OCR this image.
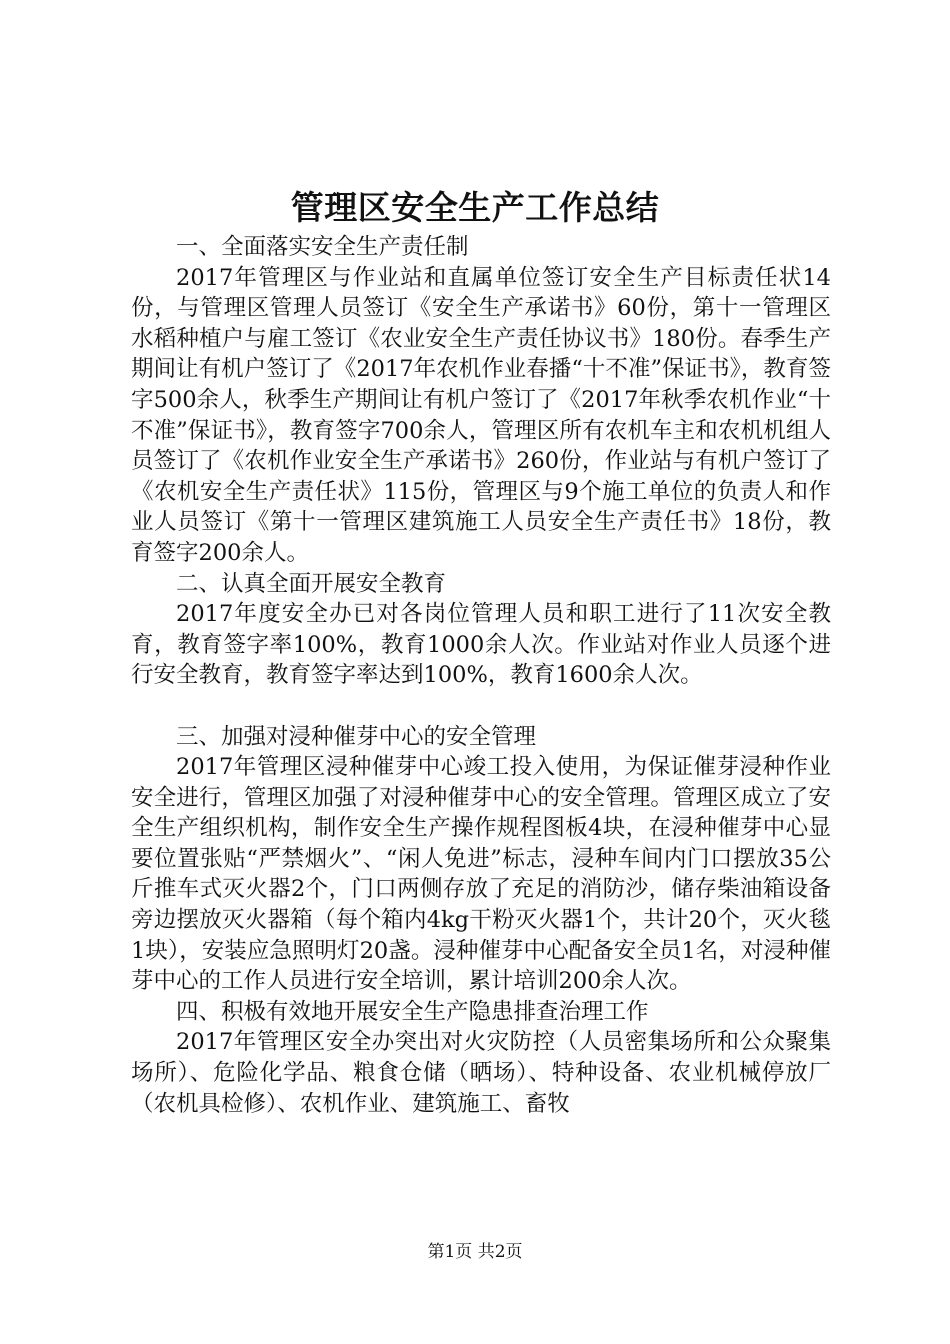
管理区安全生产工作总结

一、全面落实安全生产责任制

2017年管理区与作业站和直属单位签订安全生产目标责任状14份，与管理区管理人员签订《安全生产承诺书》60份，第十一管理区水稻种植户与雇工签订《农业安全生产责任协议书》180份。春季生产期间让有机户签订了《2017年农机作业春播“十不准”保证书》，教育签字500余人，秋季生产期间让有机户签订了《2017年秋季农机作业“十不准”保证书》，教育签字700余人，管理区所有农机车主和农机机组人员签订了《农机作业安全生产承诺书》260份，作业站与有机户签订了《农机安全生产责任状》115份，管理区与9个施工单位的负责人和作业人员签订《第十一管理区建筑施工人员安全生产责任书》18份，教育签字200余人。

二、认真全面开展安全教育

2017年度安全办已对各岗位管理人员和职工进行了11次安全教育，教育签字率100%，教育1000余人次。作业站对作业人员逐个进行安全教育，教育签字率达到100%，教育1600余人次。

三、加强对浸种催芽中心的安全管理

2017年管理区浸种催芽中心竣工投入使用，为保证催芽浸种作业安全进行，管理区加强了对浸种催芽中心的安全管理。管理区成立了安全生产组织机构，制作安全生产操作规程图板4块，在浸种催芽中心显要位置张贴“严禁烟火”、“闲人免进”标志，浸种车间内门口摆放35公斤推车式灭火器2个，门口两侧存放了充足的消防沙，储存柴油箱设备旁边摆放灭火器箱（每个箱内4kg干粉灭火器1个，共计20个，灭火毯1块），安装应急照明灯20盏。浸种催芽中心配备安全员1名，对浸种催芽中心的工作人员进行安全培训，累计培训200余人次。

四、积极有效地开展安全生产隐患排查治理工作

2017年管理区安全办突出对火灾防控（人员密集场所和公众聚集场所）、危险化学品、粮食仓储（晒场）、特种设备、农业机械停放厂（农机具检修）、农机作业、建筑施工、畜牧

第1页 共2页
